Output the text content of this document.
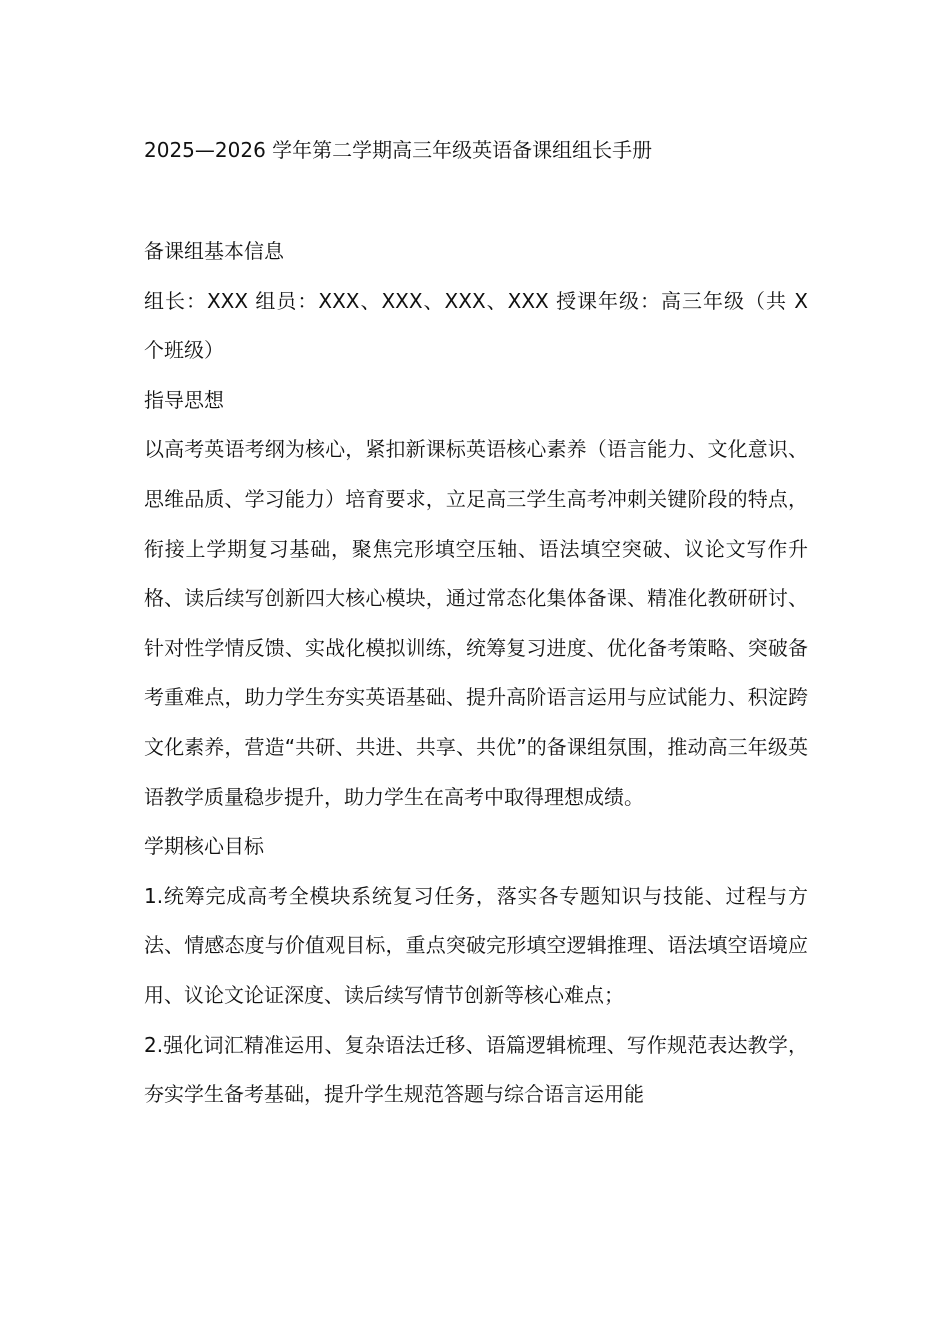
2025—2026 学年第二学期高三年级英语备课组组长手册

备课组基本信息

组长：XXX 组员：XXX、XXX、XXX、XXX 授课年级：高三年级（共 X 个班级）

指导思想

以高考英语考纲为核心，紧扣新课标英语核心素养（语言能力、文化意识、思维品质、学习能力）培育要求，立足高三学生高考冲刺关键阶段的特点，衔接上学期复习基础，聚焦完形填空压轴、语法填空突破、议论文写作升格、读后续写创新四大核心模块，通过常态化集体备课、精准化教研研讨、针对性学情反馈、实战化模拟训练，统筹复习进度、优化备考策略、突破备考重难点，助力学生夯实英语基础、提升高阶语言运用与应试能力、积淀跨文化素养，营造“共研、共进、共享、共优”的备课组氛围，推动高三年级英语教学质量稳步提升，助力学生在高考中取得理想成绩。

学期核心目标

1.统筹完成高考全模块系统复习任务，落实各专题知识与技能、过程与方法、情感态度与价值观目标，重点突破完形填空逻辑推理、语法填空语境应用、议论文论证深度、读后续写情节创新等核心难点；

2.强化词汇精准运用、复杂语法迁移、语篇逻辑梳理、写作规范表达教学，夯实学生备考基础，提升学生规范答题与综合语言运用能
